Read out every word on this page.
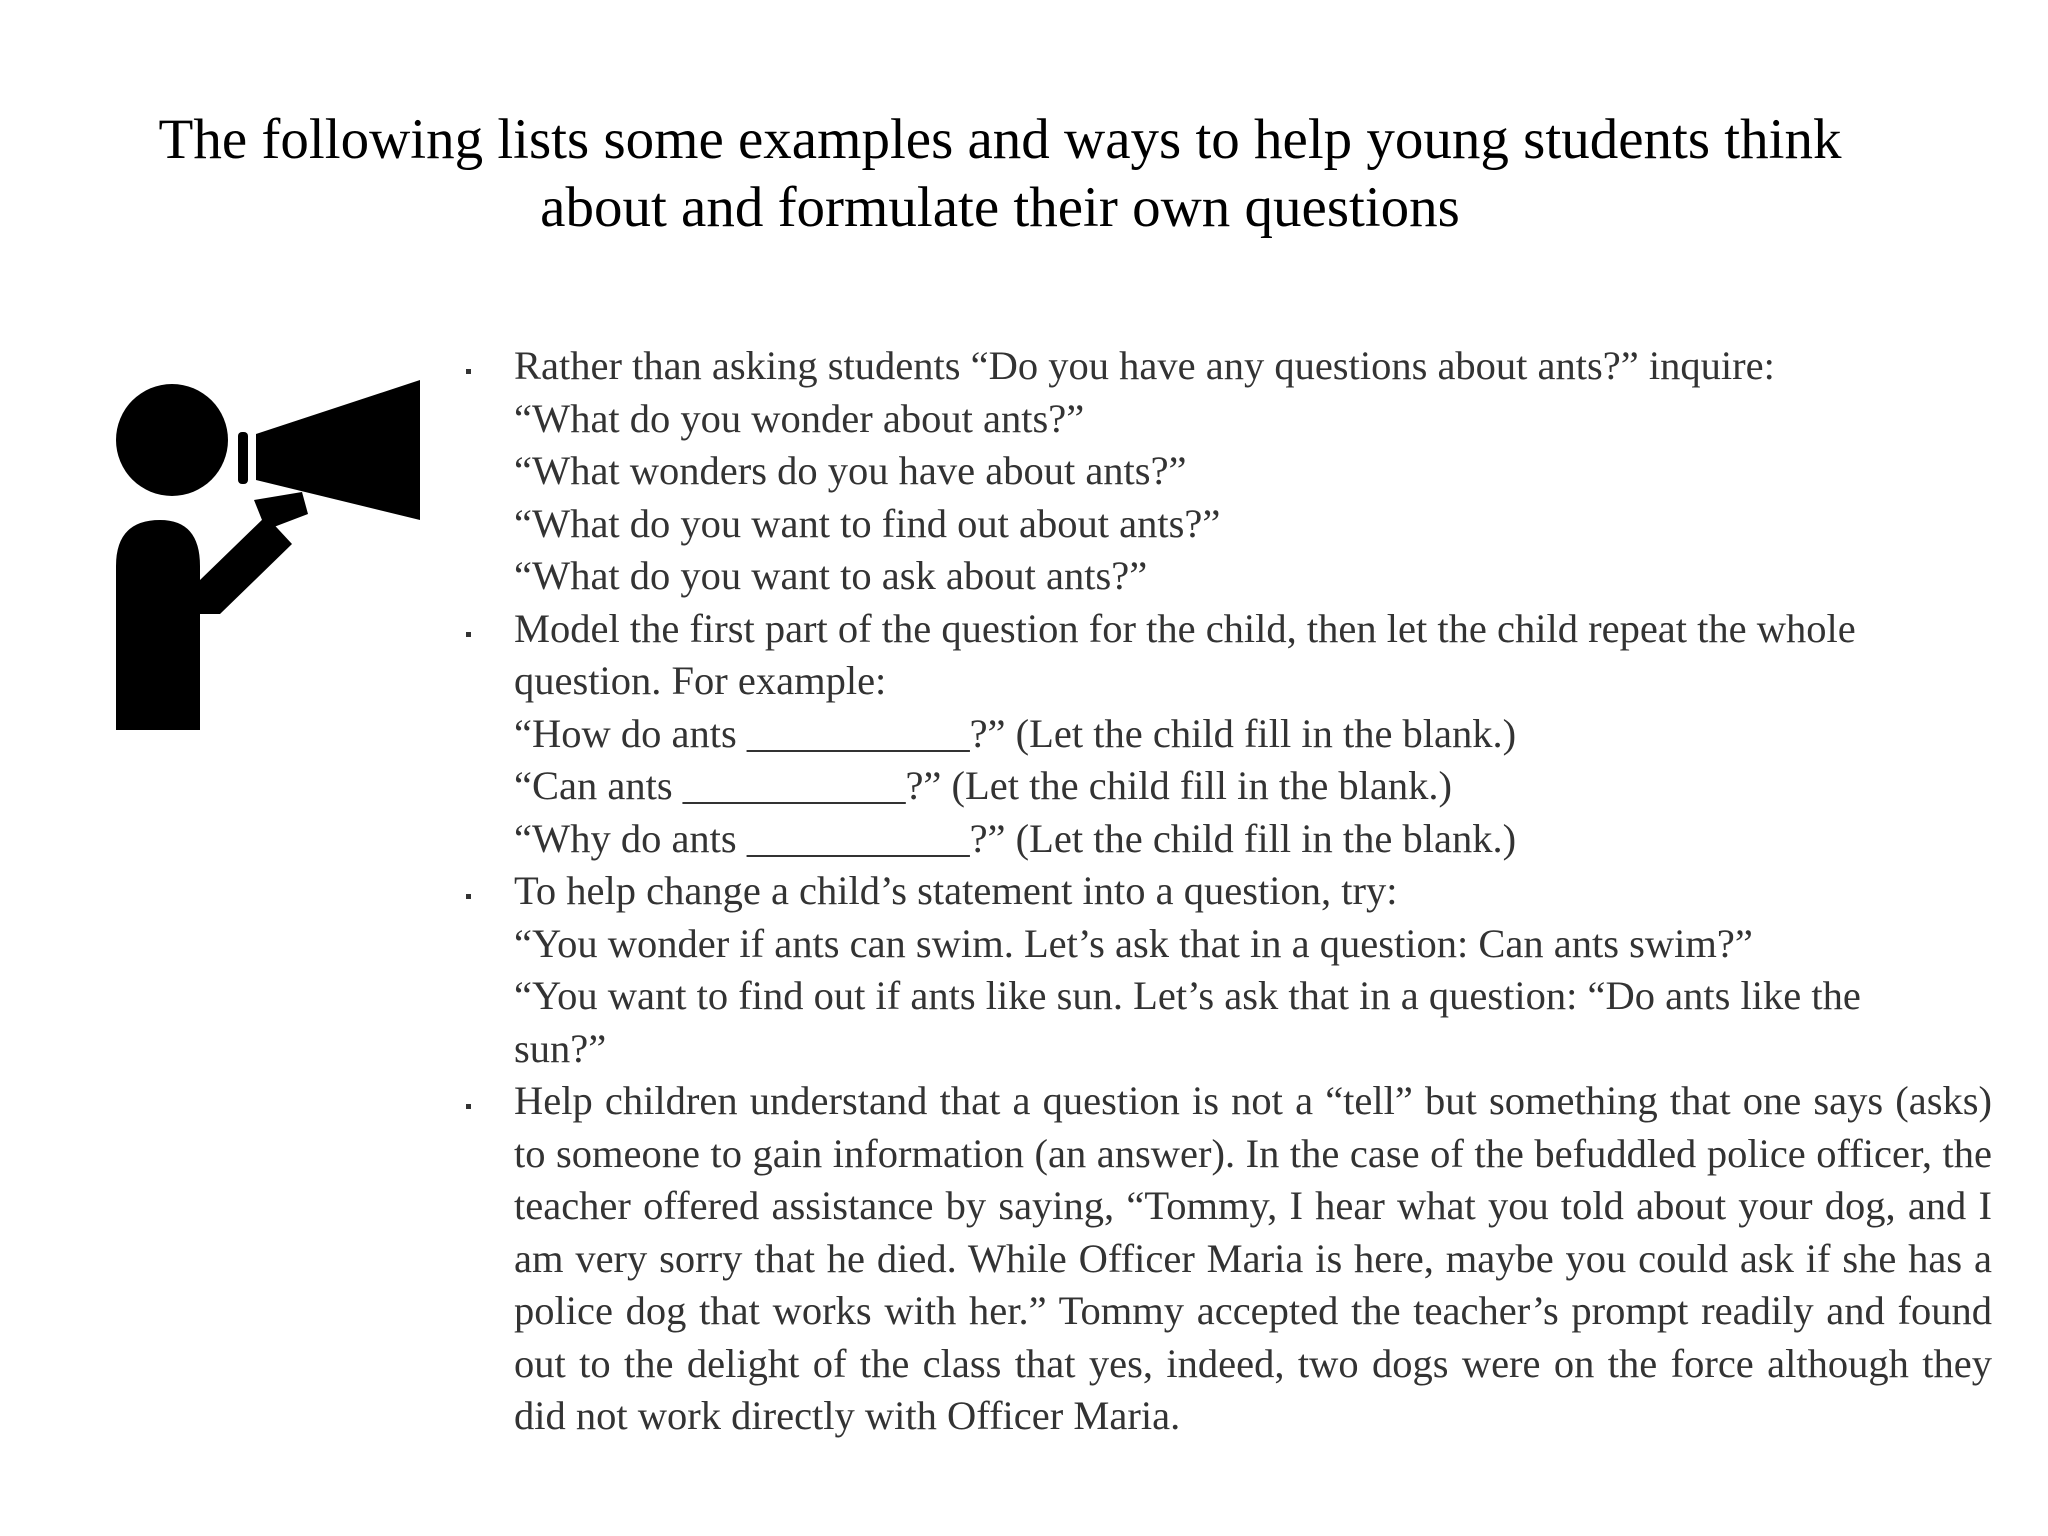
The following lists some examples and ways to help young students think
about and formulate their own questions
Rather than asking students “Do you have any questions about ants?” inquire:
“What do you wonder about ants?”
“What wonders do you have about ants?”
“What do you want to find out about ants?”
“What do you want to ask about ants?”
Model the first part of the question for the child, then let the child repeat the whole
question. For example:
“How do ants ___________?” (Let the child fill in the blank.)
“Can ants ___________?” (Let the child fill in the blank.)
“Why do ants ___________?” (Let the child fill in the blank.)
To help change a child’s statement into a question, try:
“You wonder if ants can swim. Let’s ask that in a question: Can ants swim?”
“You want to find out if ants like sun. Let’s ask that in a question: “Do ants like the
sun?”
Help children understand that a question is not a “tell” but something that one says (asks) to someone to gain information (an answer). In the case of the befuddled police officer, the teacher offered assistance by saying, “Tommy, I hear what you told about your dog, and I am very sorry that he died. While Officer Maria is here, maybe you could ask if she has a police dog that works with her.” Tommy accepted the teacher’s prompt readily and found out to the delight of the class that yes, indeed, two dogs were on the force although they did not work directly with Officer Maria.
